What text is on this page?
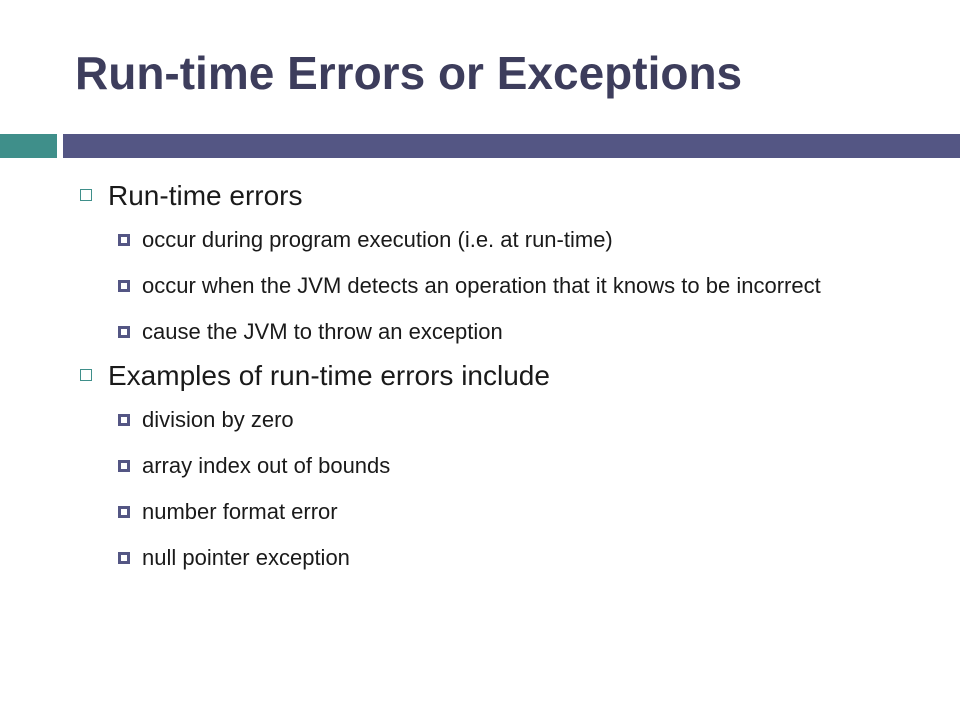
Run-time Errors or Exceptions
Run-time errors
occur during program execution (i.e. at run-time)
occur when the JVM detects an operation that it knows to be incorrect
cause the JVM to throw an exception
Examples of run-time errors include
division by zero
array index out of bounds
number format error
null pointer exception
